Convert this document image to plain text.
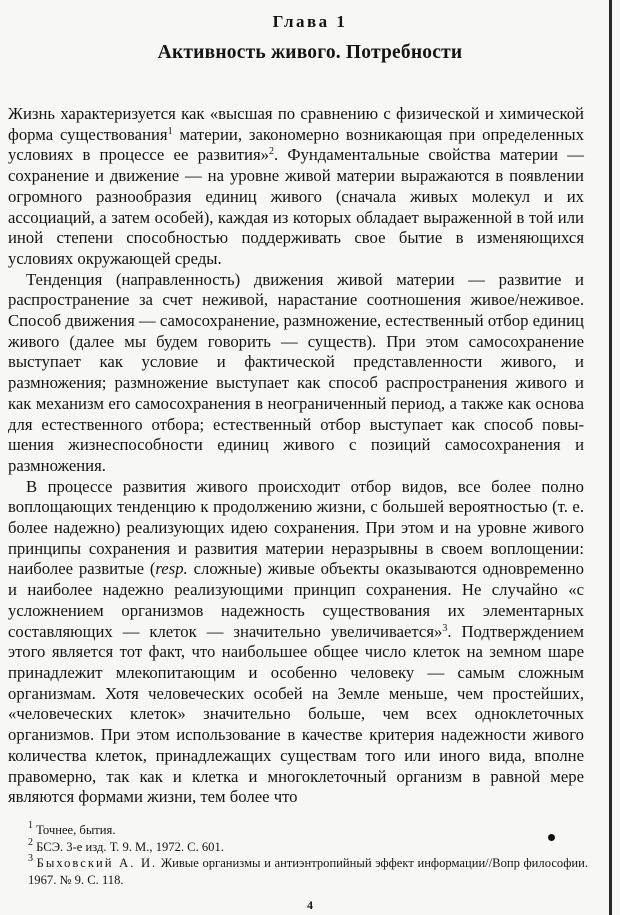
Глава 1
Активность живого. Потребности

Жизнь характеризуется как «высшая по сравнению с физической и химической форма существования$^1$ материи, закономерно возникающая при определенных условиях в процессе ее развития»$^2$. Фундаментальные свойства материи — сохранение и движение — на уровне живой материи выражаются в появлении огромного разнообразия единиц живого (сначала живых молекул и их ассоциаций, а затем особей), каждая из которых обладает выраженной в той или иной степени способностью поддерживать свое бытие в изменяющихся условиях окружающей среды.

Тенденция (направленность) движения живой материи — развитие и распространение за счет неживой, нарастание соотношения живое/неживое. Способ движения — самосохранение, размножение, естественный отбор единиц живого (далее мы будем говорить — существ). При этом самосохранение выступает как условие и фактической представленности живого, и размножения; размножение выступает как способ распространения живого и как механизм его самосохранения в неограниченный период, а также как основа для естественного отбора; естественный отбор выступает как способ повышения жизнеспособности единиц живого с позиций самосохранения и размножения.

В процессе развития живого происходит отбор видов, все более полно воплощающих тенденцию к продолжению жизни, с большей вероятностью (т. е. более надежно) реализующих идею сохранения. При этом и на уровне живого принципы сохранения и развития материи неразрывны в своем воплощении: наиболее развитые (resp. сложные) живые объекты оказываются одновременно и наиболее надежно реализующими принцип сохранения. Не случайно «с усложнением организмов надежность существования их элементарных составляющих — клеток — значительно увеличивается»$^3$. Подтверждением этого является тот факт, что наибольшее общее число клеток на земном шаре принадлежит млекопитающим и особенно человеку — самым сложным организмам. Хотя человеческих особей на Земле меньше, чем простейших, «человеческих клеток» значительно больше, чем всех одноклеточных организмов. При этом использование в качестве критерия надежности живого количества клеток, принадлежащих существам того или иного вида, вполне правомерно, так как и клетка и многоклеточный организм в равной мере являются формами жизни, тем более что

$^1$ Точнее, бытия.

$^2$ БСЭ. 3-е изд. Т. 9. М., 1972. С. 601.

$^3$ Быховский А. И. Живые организмы и антиэнтропийный эффект информации//Вопр философии. 1967. № 9. С. 118.

4
